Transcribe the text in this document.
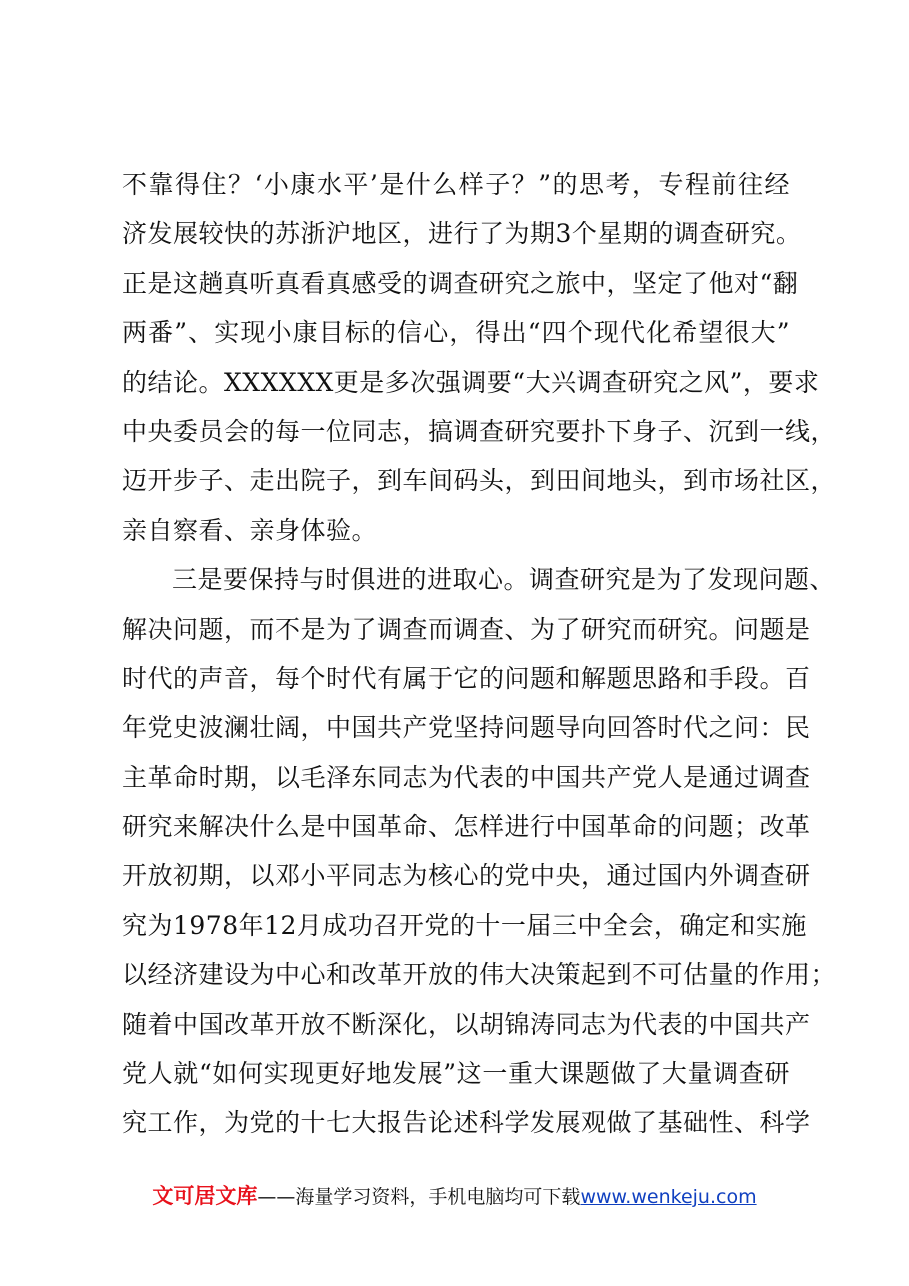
不靠得住？‘小康水平’是什么样子？”的思考，专程前往经
济发展较快的苏浙沪地区，进行了为期3个星期的调查研究。
正是这趟真听真看真感受的调查研究之旅中，坚定了他对“翻
两番”、实现小康目标的信心，得出“四个现代化希望很大”
的结论。XXXXXX更是多次强调要“大兴调查研究之风”，要求
中央委员会的每一位同志，搞调查研究要扑下身子、沉到一线，
迈开步子、走出院子，到车间码头，到田间地头，到市场社区，
亲自察看、亲身体验。
三是要保持与时俱进的进取心。调查研究是为了发现问题、
解决问题，而不是为了调查而调查、为了研究而研究。问题是
时代的声音，每个时代有属于它的问题和解题思路和手段。百
年党史波澜壮阔，中国共产党坚持问题导向回答时代之问：民
主革命时期，以毛泽东同志为代表的中国共产党人是通过调查
研究来解决什么是中国革命、怎样进行中国革命的问题；改革
开放初期，以邓小平同志为核心的党中央，通过国内外调查研
究为1978年12月成功召开党的十一届三中全会，确定和实施
以经济建设为中心和改革开放的伟大决策起到不可估量的作用；
随着中国改革开放不断深化，以胡锦涛同志为代表的中国共产
党人就“如何实现更好地发展”这一重大课题做了大量调查研
究工作，为党的十七大报告论述科学发展观做了基础性、科学
文可居文库——海量学习资料，手机电脑均可下载www.wenkeju.com
